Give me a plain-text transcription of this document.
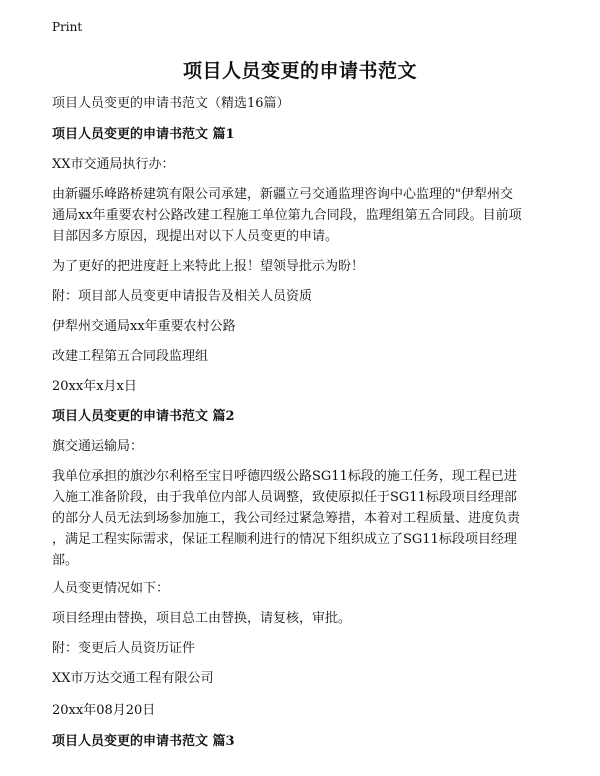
Print
项目人员变更的申请书范文
项目人员变更的申请书范文（精选16篇）
项目人员变更的申请书范文 篇1
XX市交通局执行办：
由新疆乐峰路桥建筑有限公司承建，新疆立弓交通监理咨询中心监理的"伊犁州交
通局xx年重要农村公路改建工程施工单位第九合同段，监理组第五合同段。目前项
目部因多方原因，现提出对以下人员变更的申请。
为了更好的把进度赶上来特此上报！望领导批示为盼！
附：项目部人员变更申请报告及相关人员资质
伊犁州交通局xx年重要农村公路
改建工程第五合同段监理组
20xx年x月x日
项目人员变更的申请书范文 篇2
旗交通运输局：
我单位承担的旗沙尔利格至宝日呼德四级公路SG11标段的施工任务，现工程已进
入施工准备阶段，由于我单位内部人员调整，致使原拟任于SG11标段项目经理部
的部分人员无法到场参加施工，我公司经过紧急筹措，本着对工程质量、进度负责
，满足工程实际需求，保证工程顺利进行的情况下组织成立了SG11标段项目经理
部。
人员变更情况如下：
项目经理由替换，项目总工由替换，请复核，审批。
附：变更后人员资历证件
XX市万达交通工程有限公司
20xx年08月20日
项目人员变更的申请书范文 篇3
